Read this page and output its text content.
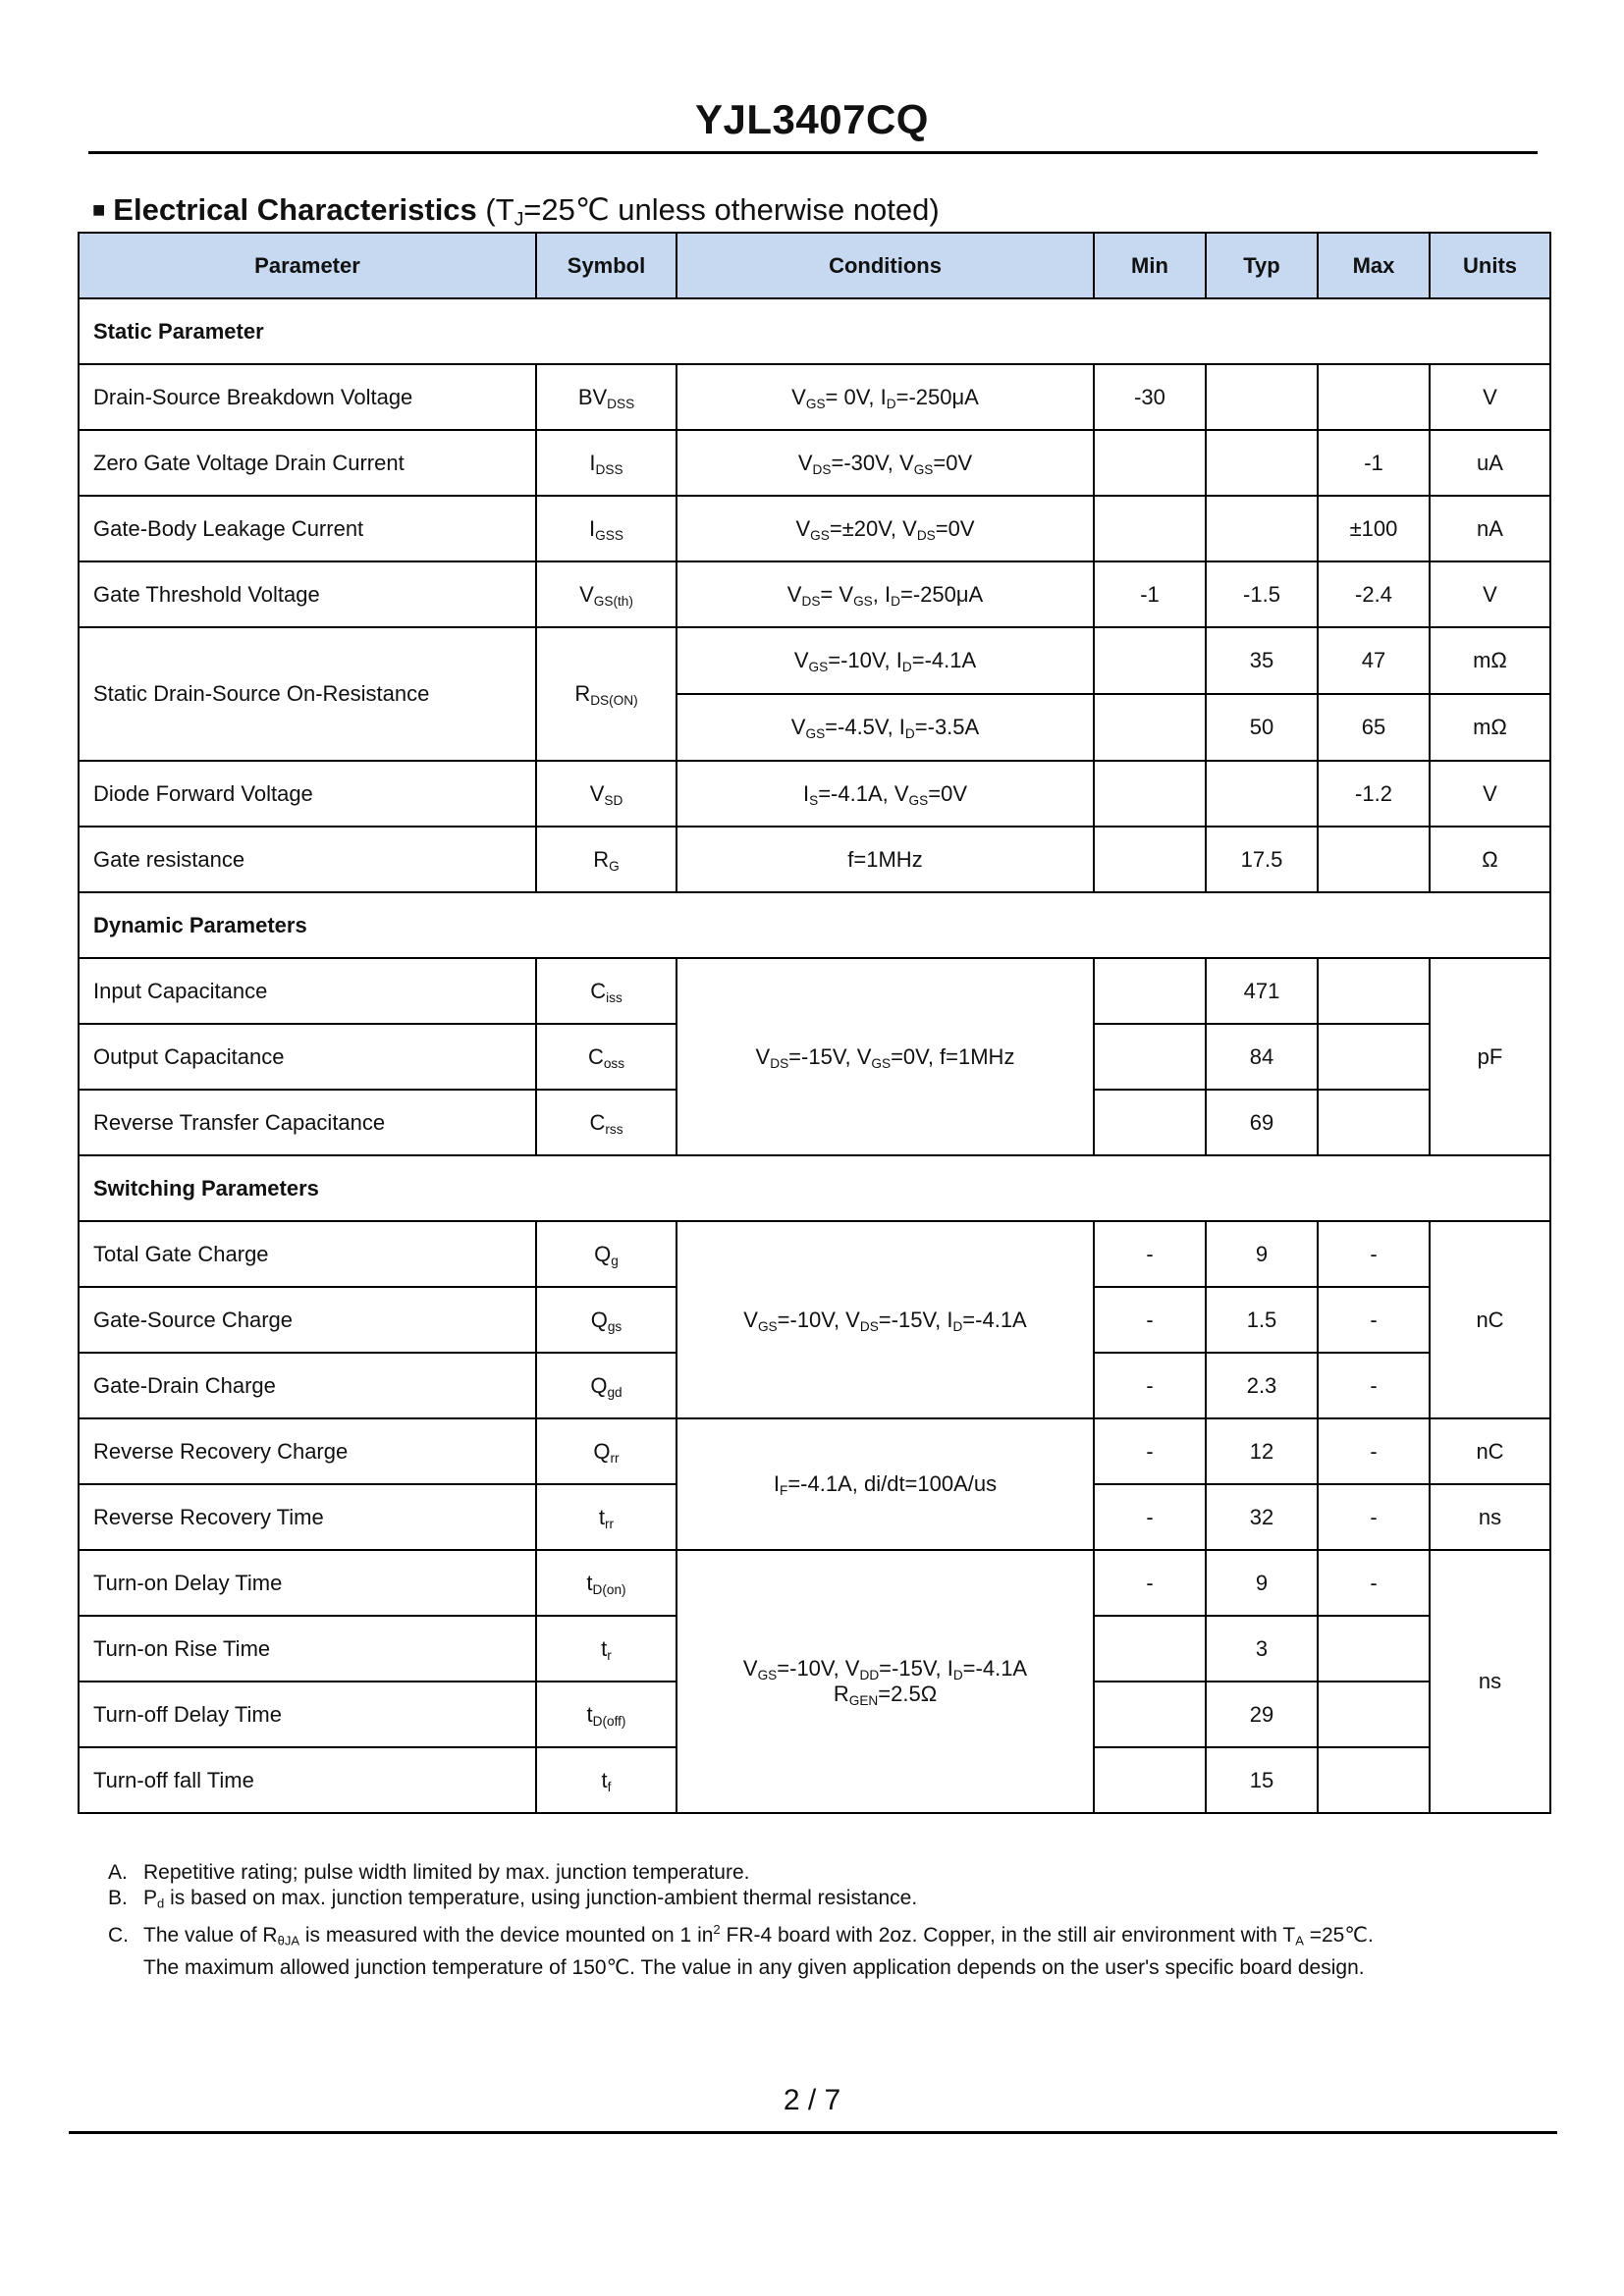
YJL3407CQ
■ Electrical Characteristics ($T_J=25℃$ unless otherwise noted)
Parameter	Symbol	Conditions	Min	Typ	Max	Units
Static Parameter						
Drain-Source Breakdown Voltage	$BV_{DSS}$	$V_{GS}= 0V$, $I_D=-250\mu A$	-30			V
Zero Gate Voltage Drain Current	$I_{DSS}$	$V_{DS}=-30V$, $V_{GS}=0V$			-1	uA
Gate-Body Leakage Current	$I_{GSS}$	$V_{GS}=\pm 20V$, $V_{DS}=0V$			±100	nA
Gate Threshold Voltage	$V_{GS(th)}$	$V_{DS}= V_{GS}$, $I_D=-250\mu A$	-1	-1.5	-2.4	V
Static Drain-Source On-Resistance	$R_{DS(ON)}$	$V_{GS}=-10V$, $I_D=-4.1A$		35	47	mΩ
		$V_{GS}=-4.5V$, $I_D=-3.5A$		50	65	mΩ
Diode Forward Voltage	$V_{SD}$	$I_S=-4.1A$, $V_{GS}=0V$			-1.2	V
Gate resistance	$R_G$	f=1MHz		17.5		Ω
Dynamic Parameters						
Input Capacitance	$C_{iss}$	$V_{DS}=-15V$, $V_{GS}=0V$, f=1MHz		471		pF
Output Capacitance	$C_{oss}$			84		
Reverse Transfer Capacitance	$C_{rss}$			69		
Switching Parameters						
Total Gate Charge	$Q_g$	$V_{GS}=-10V$, $V_{DS}=-15V$, $I_D=-4.1A$	-	9	-	nC
Gate-Source Charge	$Q_{gs}$		-	1.5	-	
Gate-Drain Charge	$Q_{gd}$		-	2.3	-	
Reverse Recovery Charge	$Q_{rr}$	$I_F=-4.1A$, di/dt=100A/us	-	12	-	nC
Reverse Recovery Time	$t_{rr}$		-	32	-	ns
Turn-on Delay Time	$t_{D(on)}$	$V_{GS}=-10V$, $V_{DD}=-15V$, $I_D=-4.1A$
$R_{GEN}=2.5\Omega$	-	9	-	ns
Turn-on Rise Time	$t_r$			3		
Turn-off Delay Time	$t_{D(off)}$			29		
Turn-off fall Time	$t_f$			15		
A. Repetitive rating; pulse width limited by max. junction temperature.
B. $P_d$ is based on max. junction temperature, using junction-ambient thermal resistance.
C. The value of $R_{\theta JA}$ is measured with the device mounted on 1 $in^2$ FR-4 board with 2oz. Copper, in the still air environment with $T_A$ =25℃.
The maximum allowed junction temperature of 150℃. The value in any given application depends on the user's specific board design.
2 / 7
